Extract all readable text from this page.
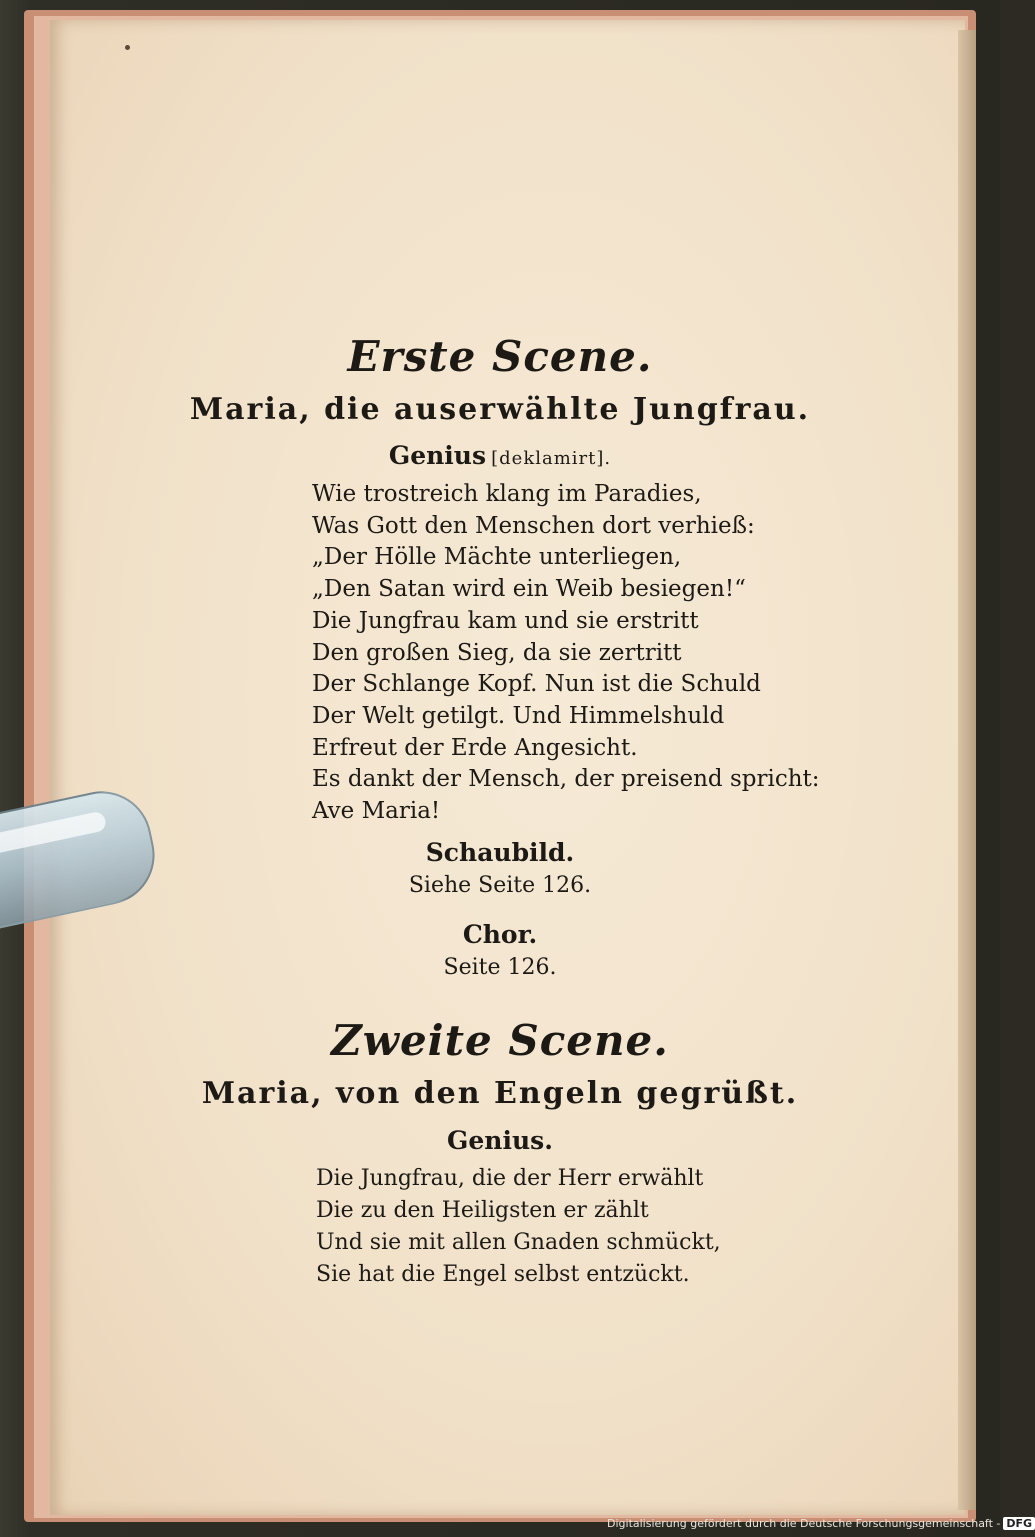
Erste Scene.
Maria, die auserwählte Jungfrau.
Genius [deklamirt].
Wie trostreich klang im Paradies,
Was Gott den Menschen dort verhieß:
„Der Hölle Mächte unterliegen,
„Den Satan wird ein Weib besiegen!“
Die Jungfrau kam und sie erstritt
Den großen Sieg, da sie zertritt
Der Schlange Kopf. Nun ist die Schuld
Der Welt getilgt. Und Himmelshuld
Erfreut der Erde Angesicht.
Es dankt der Mensch, der preisend spricht:
Ave Maria!
Schaubild.
Siehe Seite 126.
Chor.
Seite 126.
Zweite Scene.
Maria, von den Engeln gegrüßt.
Genius.
Die Jungfrau, die der Herr erwählt
Die zu den Heiligsten er zählt
Und sie mit allen Gnaden schmückt,
Sie hat die Engel selbst entzückt.
Digitalisierung gefördert durch die Deutsche Forschungsgemeinschaft - DFG
